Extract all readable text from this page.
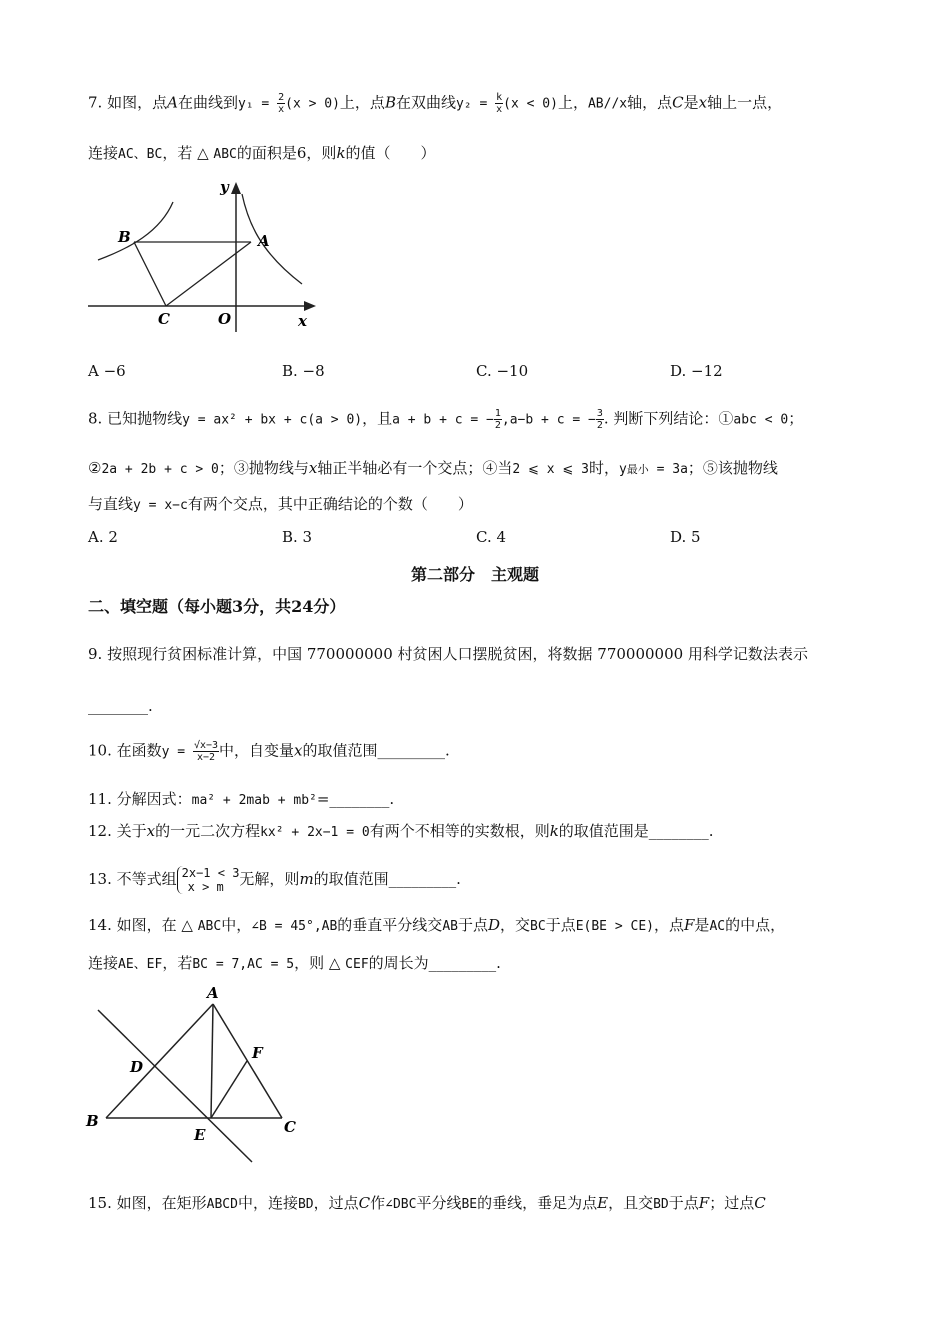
7. 如图，点A在曲线到$y_1 = \frac{2}{x} (x > 0)$上，点B在双曲线$y_2 = \frac{k}{x} (x < 0)$上，AB//x轴，点C是x轴上一点，
连接AC、BC，若 △ ABC的面积是6，则k的值（　　）
y
B	A
C	O	x
A −6	B. −8	C. −10	D. −12
8. 已知抛物线y = ax² + bx + c(a > 0)，且a + b + c = − $\frac{1}{2} ,a-b + c$ = − $\frac{3}{2}$ . 判断下列结论：①abc < 0；
②2a + 2b + c > 0；③抛物线与x轴正半轴必有一个交点；④当2 ⩽ x ⩽ 3时，y最小 = 3a；⑤该抛物线
与直线y = x−c有两个交点，其中正确结论的个数（　　）
A. 2	B. 3	C. 4	D. 5
第二部分　主观题
二、填空题（每小题3分，共24分）
9. 按照现行贫困标准计算，中国 770000000 村贫困人口摆脱贫困，将数据 770000000 用科学记数法表示
________.
10. 在函数$y = \frac{√x-3}{x-2}$ 中，自变量x的取值范围_________.
11. 分解因式：ma² + 2mab + mb²=________.
12. 关于x的一元二次方程kx² + 2x−1 = 0有两个不相等的实数根，则k的取值范围是________.
13. 不等式组 2x−1 < 3
x > m	无解，则m的取值范围_________.
14. 如图，在 △ ABC中，∠B = 45°,AB的垂直平分线交AB于点D，交BC于点E(BE > CE)，点F是AC的中点，
连接AE、EF，若BC = 7,AC = 5，则 △ CEF的周长为_________.
A
D
F
B
E	C
15. 如图，在矩形ABCD中，连接BD，过点C作∠DBC平分线BE的垂线，垂足为点E，且交BD于点F；过点C
